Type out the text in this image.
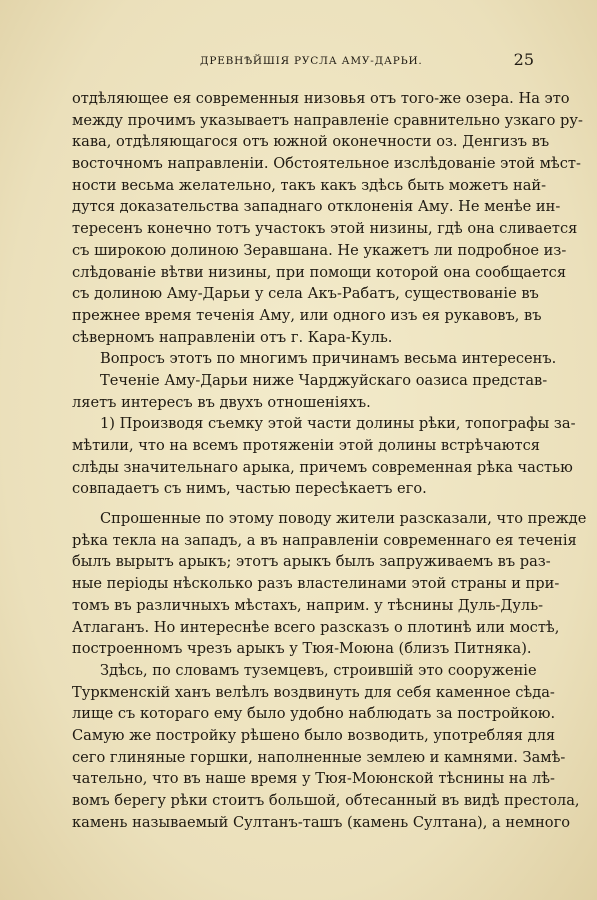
ДРЕВНѢЙШІЯ РУСЛА АМУ-ДАРЬИ.	25
отдѣляющее ея современныя низовья отъ того-же озера. На это
между прочимъ указываетъ направленіе сравнительно узкаго ру-
кава, отдѣляющагося отъ южной оконечности оз. Денгизъ въ
восточномъ направленіи. Обстоятельное изслѣдованіе этой мѣст-
ности весьма желательно, такъ какъ здѣсь быть можетъ най-
дутся доказательства западнаго отклоненія Аму. Не менѣе ин-
тересенъ конечно тотъ участокъ этой низины, гдѣ она сливается
съ широкою долиною Зеравшана. Не укажетъ ли подробное из-
слѣдованіе вѣтви низины, при помощи которой она сообщается
съ долиною Аму-Дарьи у села Акъ-Рабатъ, существованіе въ
прежнее время теченія Аму, или одного изъ ея рукавовъ, въ
сѣверномъ направленіи отъ г. Кара-Куль.
Вопросъ этотъ по многимъ причинамъ весьма интересенъ.
Теченіе Аму-Дарьи ниже Чарджуйскаго оазиса представ-
ляетъ интересъ въ двухъ отношеніяхъ.
1) Производя съемку этой части долины рѣки, топографы за-
мѣтили, что на всемъ протяженіи этой долины встрѣчаются
слѣды значительнаго арыка, причемъ современная рѣка частью
совпадаетъ съ нимъ, частью пересѣкаетъ его.
Спрошенные по этому поводу жители разсказали, что прежде
рѣка текла на западъ, а въ направленіи современнаго ея теченія
былъ вырытъ арыкъ; этотъ арыкъ былъ запруживаемъ въ раз-
ные періоды нѣсколько разъ властелинами этой страны и при-
томъ въ различныхъ мѣстахъ, наприм. у тѣснины Дуль-Дуль-
Атлаганъ. Но интереснѣе всего разсказъ о плотинѣ или мостѣ,
построенномъ чрезъ арыкъ у Тюя-Моюна (близъ Питняка).
Здѣсь, по словамъ туземцевъ, строившій это сооруженіе
Туркменскій ханъ велѣлъ воздвинуть для себя каменное сѣда-
лище съ котораго ему было удобно наблюдать за постройкою.
Самую же постройку рѣшено было возводить, употребляя для
сего глиняные горшки, наполненные землею и камнями. Замѣ-
чательно, что въ наше время у Тюя-Моюнской тѣснины на лѣ-
вомъ берегу рѣки стоитъ большой, обтесанный въ видѣ престола,
камень называемый Султанъ-ташъ (камень Султана), а немного
